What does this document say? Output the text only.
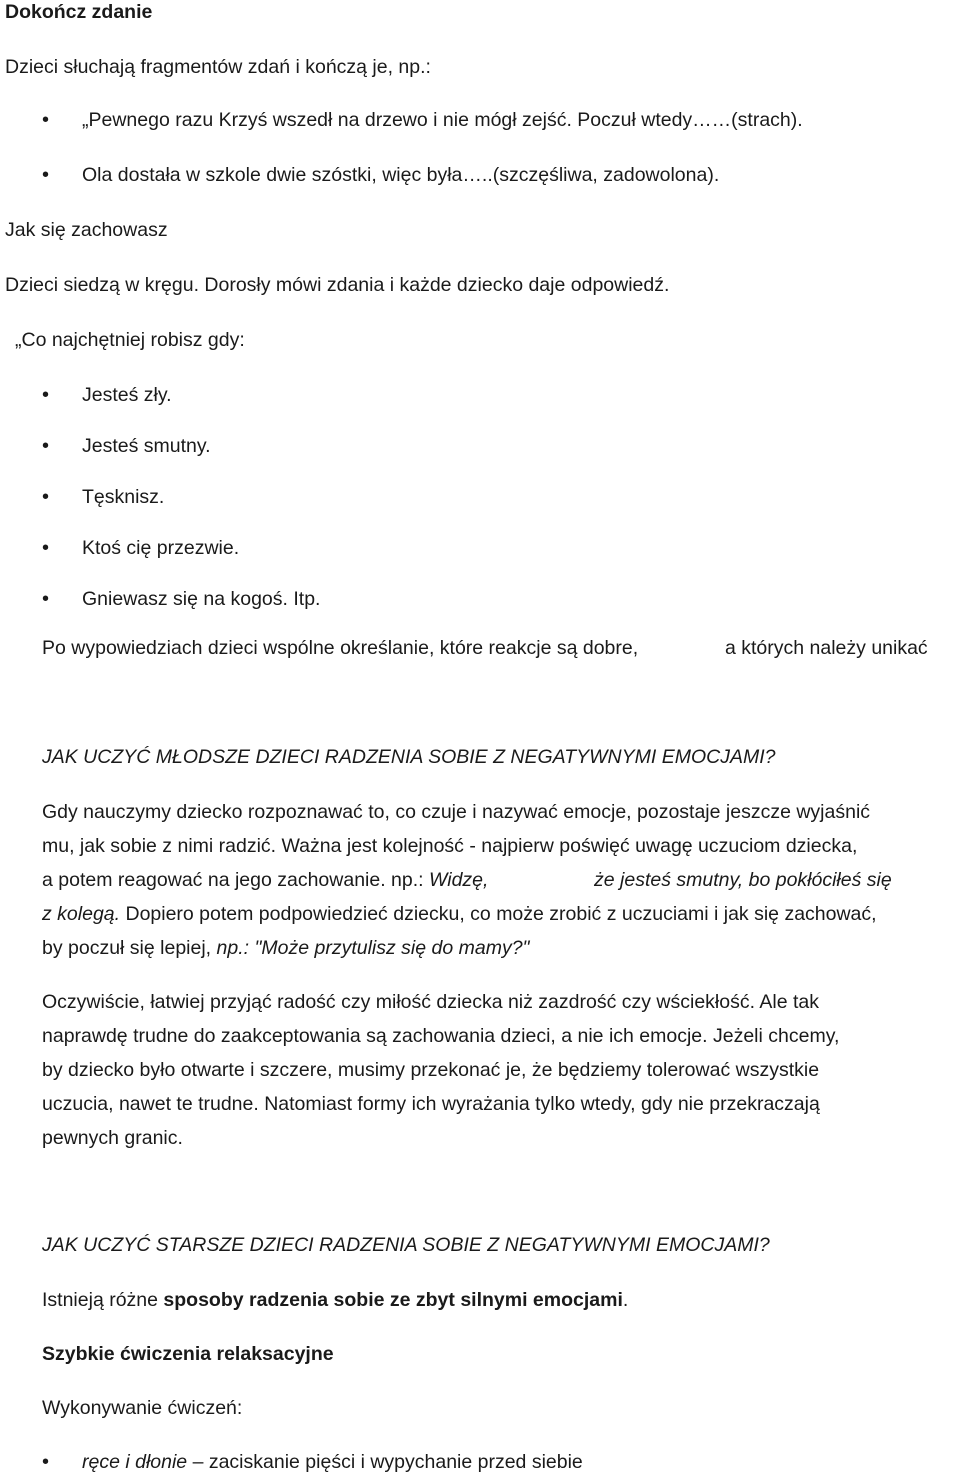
Dokończ zdanie
Dzieci słuchają fragmentów zdań i kończą je, np.:
• „Pewnego razu Krzyś wszedł na drzewo i nie mógł zejść. Poczuł wtedy……(strach).
• Ola dostała w szkole dwie szóstki, więc była…..(szczęśliwa, zadowolona).
Jak się zachowasz
Dzieci siedzą w kręgu. Dorosły mówi zdania i każde dziecko daje odpowiedź.
„Co najchętniej robisz gdy:
• Jesteś zły.
• Jesteś smutny.
• Tęsknisz.
• Ktoś cię przezwie.
• Gniewasz się na kogoś. Itp.
Po wypowiedziach dzieci wspólne określanie, które reakcje są dobre,	a których należy unikać
JAK UCZYĆ MŁODSZE DZIECI RADZENIA SOBIE Z NEGATYWNYMI EMOCJAMI?
Gdy nauczymy dziecko rozpoznawać to, co czuje i nazywać emocje, pozostaje jeszcze wyjaśnić
mu, jak sobie z nimi radzić. Ważna jest kolejność - najpierw poświęć uwagę uczuciom dziecka,
a potem reagować na jego zachowanie. np.: Widzę,	że jesteś smutny, bo pokłóciłeś się
z kolegą. Dopiero potem podpowiedzieć dziecku, co może zrobić z uczuciami i jak się zachować,
by poczuł się lepiej, np.: "Może przytulisz się do mamy?"
Oczywiście, łatwiej przyjąć radość czy miłość dziecka niż zazdrość czy wściekłość. Ale tak
naprawdę trudne do zaakceptowania są zachowania dzieci, a nie ich emocje. Jeżeli chcemy,
by dziecko było otwarte i szczere, musimy przekonać je, że będziemy tolerować wszystkie
uczucia, nawet te trudne. Natomiast formy ich wyrażania tylko wtedy, gdy nie przekraczają
pewnych granic.
JAK UCZYĆ STARSZE DZIECI RADZENIA SOBIE Z NEGATYWNYMI EMOCJAMI?
Istnieją różne sposoby radzenia sobie ze zbyt silnymi emocjami.
Szybkie ćwiczenia relaksacyjne
Wykonywanie ćwiczeń:
• ręce i dłonie – zaciskanie pięści i wypychanie przed siebie
